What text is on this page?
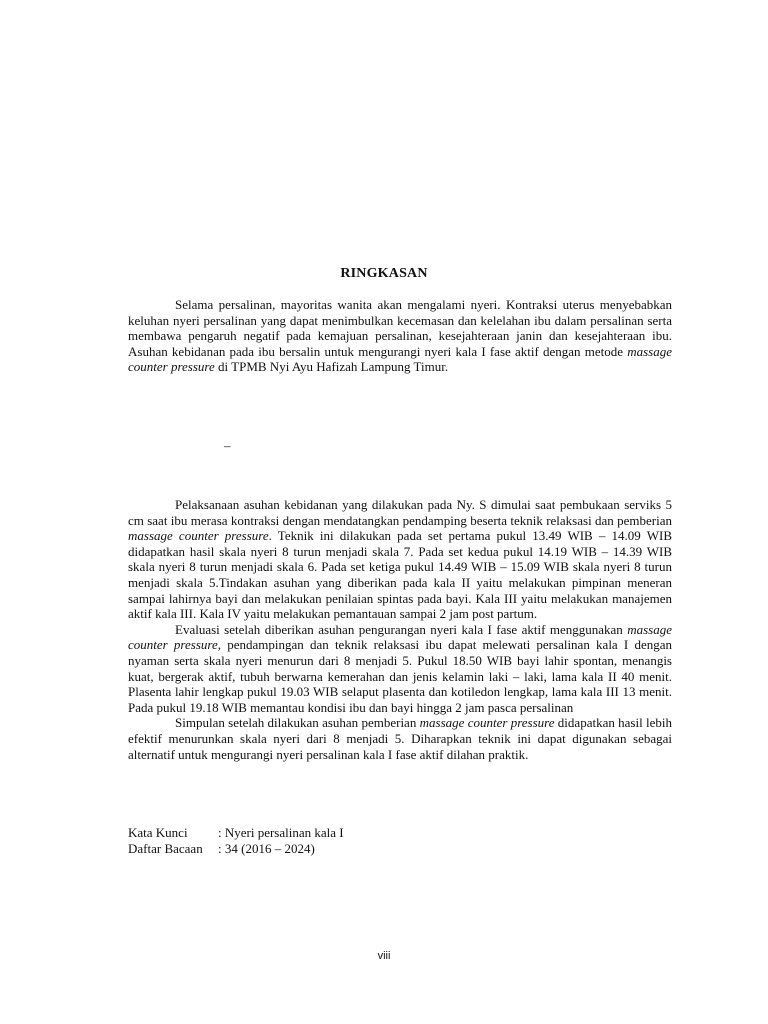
RINGKASAN

Selama persalinan, mayoritas wanita akan mengalami nyeri. Kontraksi uterus menyebabkan keluhan nyeri persalinan yang dapat menimbulkan kecemasan dan kelelahan ibu dalam persalinan serta membawa pengaruh negatif pada kemajuan persalinan, kesejahteraan janin dan kesejahteraan ibu. Asuhan kebidanan pada ibu bersalin untuk mengurangi nyeri kala I fase aktif dengan metode massage counter pressure di TPMB Nyi Ayu Hafizah Lampung Timur.

–

Pelaksanaan asuhan kebidanan yang dilakukan pada Ny. S dimulai saat pembukaan serviks 5 cm saat ibu merasa kontraksi dengan mendatangkan pendamping beserta teknik relaksasi dan pemberian massage counter pressure. Teknik ini dilakukan pada set pertama pukul 13.49 WIB – 14.09 WIB didapatkan hasil skala nyeri 8 turun menjadi skala 7. Pada set kedua pukul 14.19 WIB – 14.39 WIB skala nyeri 8 turun menjadi skala 6. Pada set ketiga pukul 14.49 WIB – 15.09 WIB skala nyeri 8 turun menjadi skala 5.Tindakan asuhan yang diberikan pada kala II yaitu melakukan pimpinan meneran sampai lahirnya bayi dan melakukan penilaian spintas pada bayi. Kala III yaitu melakukan manajemen aktif kala III. Kala IV yaitu melakukan pemantauan sampai 2 jam post partum.

Evaluasi setelah diberikan asuhan pengurangan nyeri kala I fase aktif menggunakan massage counter pressure, pendampingan dan teknik relaksasi ibu dapat melewati persalinan kala I dengan nyaman serta skala nyeri menurun dari 8 menjadi 5. Pukul 18.50 WIB bayi lahir spontan, menangis kuat, bergerak aktif, tubuh berwarna kemerahan dan jenis kelamin laki – laki, lama kala II 40 menit. Plasenta lahir lengkap pukul 19.03 WIB selaput plasenta dan kotiledon lengkap, lama kala III 13 menit. Pada pukul 19.18 WIB memantau kondisi ibu dan bayi hingga 2 jam pasca persalinan

Simpulan setelah dilakukan asuhan pemberian massage counter pressure didapatkan hasil lebih efektif menurunkan skala nyeri dari 8 menjadi 5. Diharapkan teknik ini dapat digunakan sebagai alternatif untuk mengurangi nyeri persalinan kala I fase aktif dilahan praktik.

Kata Kunci	: Nyeri persalinan kala I
Daftar Bacaan	: 34 (2016 – 2024)
viii
